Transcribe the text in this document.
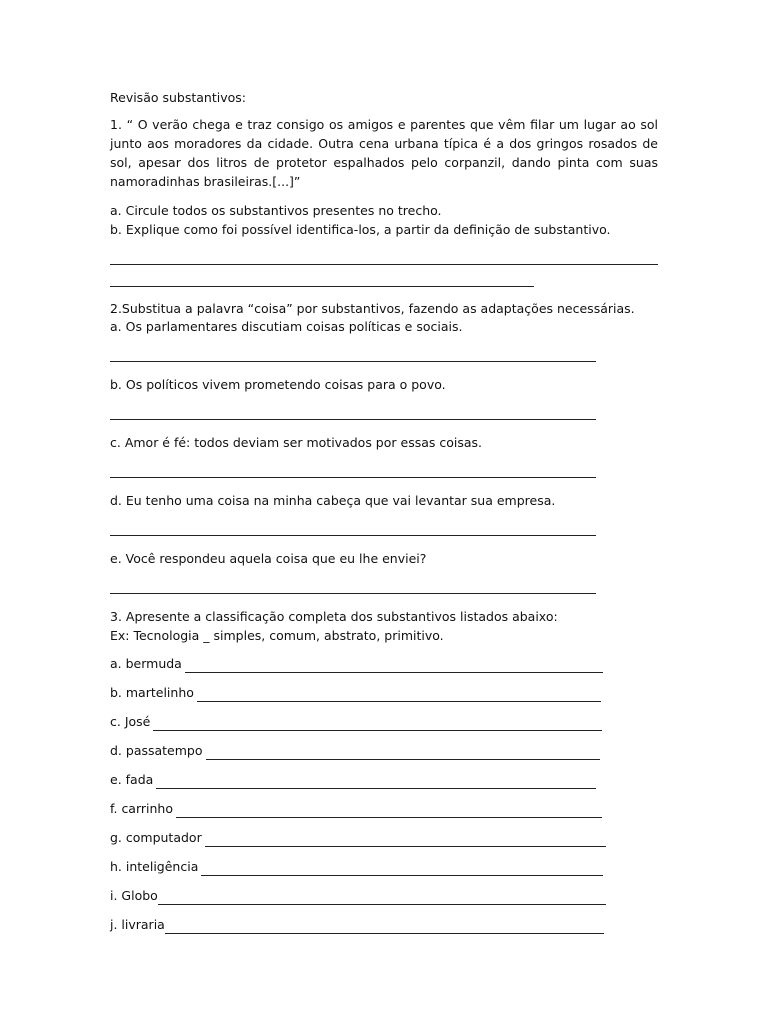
Revisão substantivos:

1. “ O verão chega e traz consigo os amigos e parentes que vêm filar um lugar ao sol junto aos moradores da cidade. Outra cena urbana típica é a dos gringos rosados de sol, apesar dos litros de protetor espalhados pelo corpanzil, dando pinta com suas namoradinhas brasileiras.[...]”

a. Circule todos os substantivos presentes no trecho.

b. Explique como foi possível identifica-los, a partir da definição de substantivo.

2.Substitua a palavra “coisa” por substantivos, fazendo as adaptações necessárias.

a. Os parlamentares discutiam coisas políticas e sociais.

b. Os políticos vivem prometendo coisas para o povo.

c. Amor é fé: todos deviam ser motivados por essas coisas.

d. Eu tenho uma coisa na minha cabeça que vai levantar sua empresa.

e. Você respondeu aquela coisa que eu lhe enviei?

3. Apresente a classificação completa dos substantivos listados abaixo:

Ex: Tecnologia _ simples, comum, abstrato, primitivo.

a. bermuda
b. martelinho
c. José
d. passatempo
e. fada
f. carrinho
g. computador
h. inteligência
i. Globo
j. livraria
